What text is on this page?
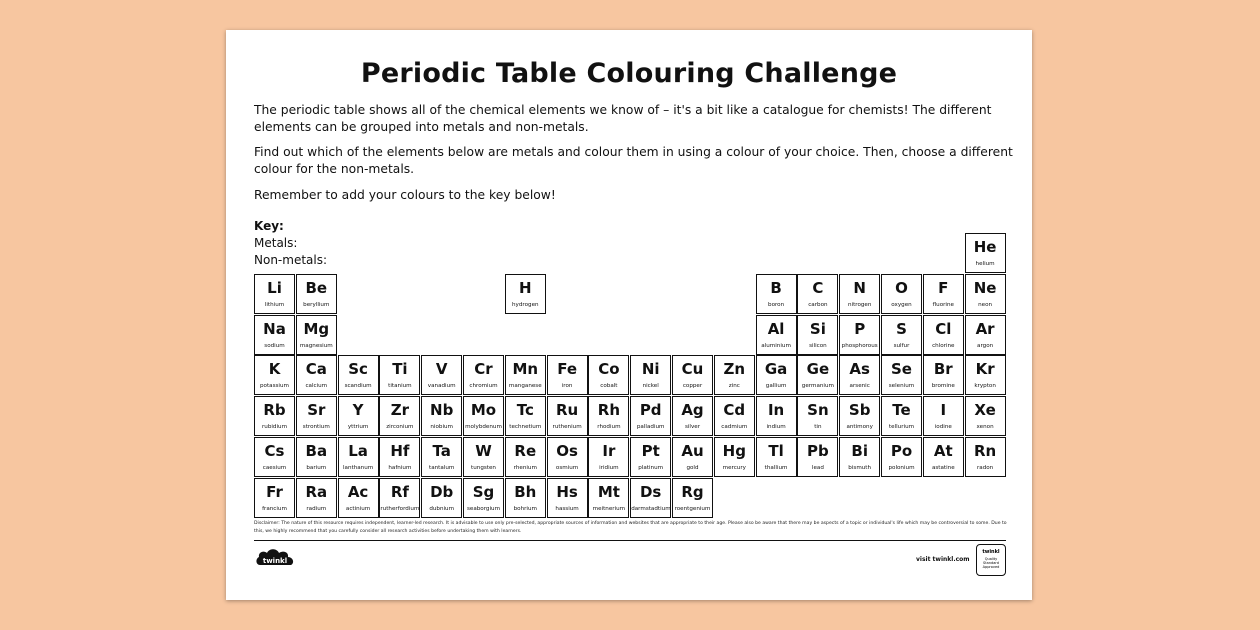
Periodic Table Colouring Challenge
The periodic table shows all of the chemical elements we know of – it's a bit like a catalogue for chemists! The different elements can be grouped into metals and non-metals.
Find out which of the elements below are metals and colour them in using a colour of your choice. Then, choose a different colour for the non-metals.
Remember to add your colours to the key below!
Key:
Metals:
Non-metals:
He
helium
Li
lithium
Be
beryllium
H
hydrogen
B
boron
C
carbon
N
nitrogen
O
oxygen
F
fluorine
Ne
neon
Na
sodium
Mg
magnesium
Al
aluminium
Si
silicon
P
phosphorous
S
sulfur
Cl
chlorine
Ar
argon
K
potassium
Ca
calcium
Sc
scandium
Ti
titanium
V
vanadium
Cr
chromium
Mn
manganese
Fe
iron
Co
cobalt
Ni
nickel
Cu
copper
Zn
zinc
Ga
gallium
Ge
germanium
As
arsenic
Se
selenium
Br
bromine
Kr
krypton
Rb
rubidium
Sr
strontium
Y
yttrium
Zr
zirconium
Nb
niobium
Mo
molybdenum
Tc
technetium
Ru
ruthenium
Rh
rhodium
Pd
palladium
Ag
silver
Cd
cadmium
In
indium
Sn
tin
Sb
antimony
Te
tellurium
I
iodine
Xe
xenon
Cs
caesium
Ba
barium
La
lanthanum
Hf
hafnium
Ta
tantalum
W
tungsten
Re
rhenium
Os
osmium
Ir
iridium
Pt
platinum
Au
gold
Hg
mercury
Tl
thallium
Pb
lead
Bi
bismuth
Po
polonium
At
astatine
Rn
radon
Fr
francium
Ra
radium
Ac
actinium
Rf
rutherfordium
Db
dubnium
Sg
seaborgium
Bh
bohrium
Hs
hassium
Mt
meitnerium
Ds
darmstadtium
Rg
roentgenium
Disclaimer: The nature of this resource requires independent, learner-led research. It is advisable to use only pre-selected, appropriate sources of information and websites that are appropriate to their age. Please also be aware that there may be aspects of a topic or individual's life which may be controversial to some. Due to this, we highly recommend that you carefully consider all research activities before undertaking them with learners.
twinkl	visit twinkl.com
twinkl
Quality Standard Approved
